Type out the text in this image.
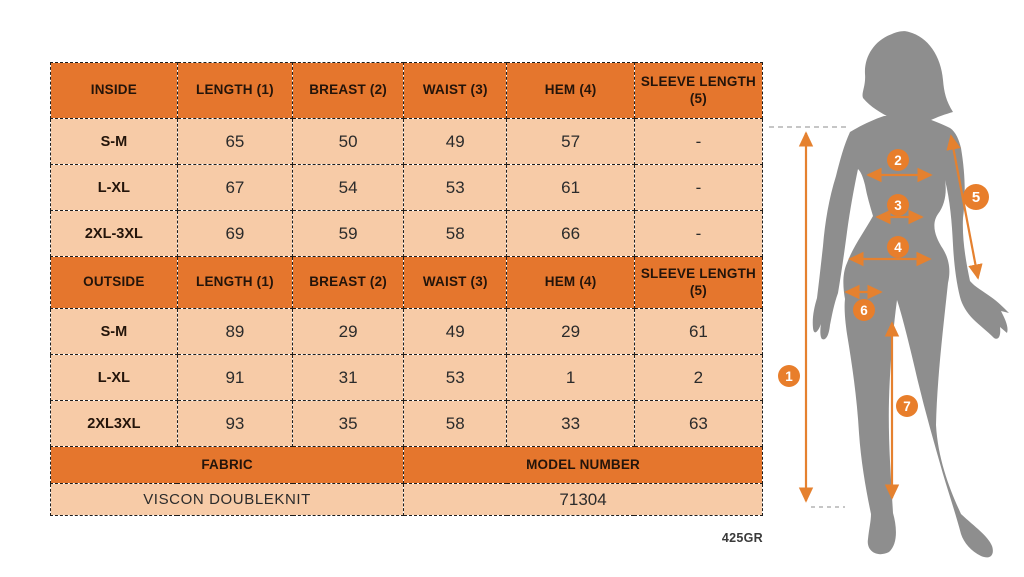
INSIDE	LENGTH (1)	BREAST (2)	WAIST (3)	HEM (4)	SLEEVE LENGTH (5)
S-M	65	50	49	57	-
L-XL	67	54	53	61	-
2XL-3XL	69	59	58	66	-
OUTSIDE	LENGTH (1)	BREAST (2)	WAIST (3)	HEM (4)	SLEEVE LENGTH (5)
S-M	89	29	49	29	61
L-XL	91	31	53	1	2
2XL3XL	93	35	58	33	63
FABRIC			MODEL NUMBER		
VISCON DOUBLEKNIT			71304		
425GR
1
2
3
4
5
6
7
